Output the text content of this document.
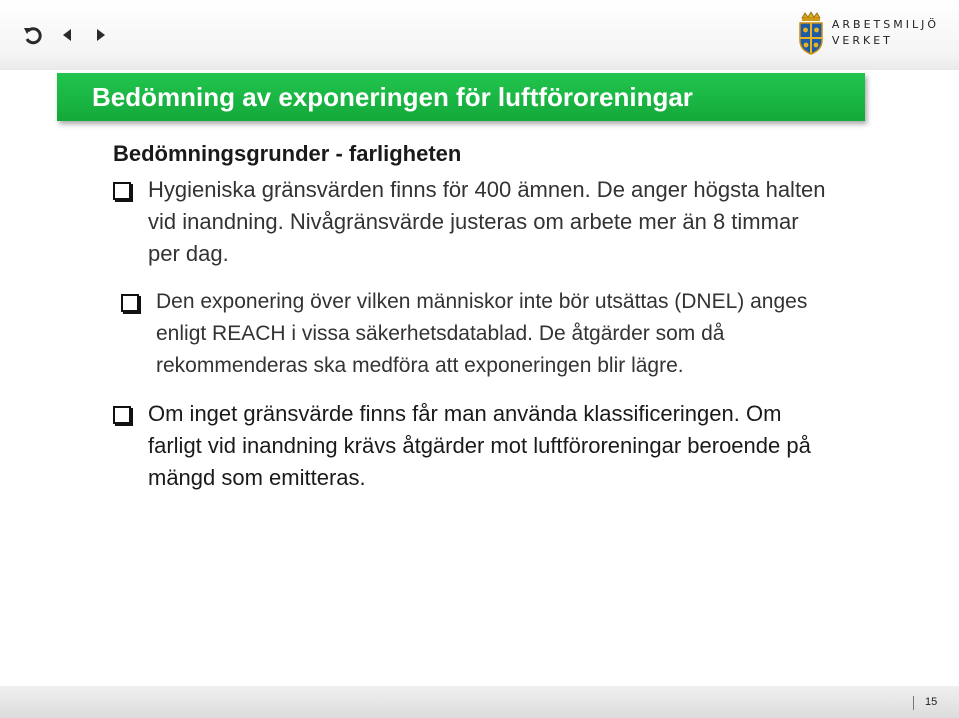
ARBETSMILJÖ
VERKET
Bedömning av exponeringen för luftföroreningar
Bedömningsgrunder - farligheten
Hygieniska gränsvärden finns för 400 ämnen. De anger högsta halten vid inandning. Nivågränsvärde justeras om arbete mer än 8 timmar per dag.
Den exponering över vilken människor inte bör utsättas (DNEL) anges enligt REACH i vissa säkerhetsdatablad. De åtgärder som då rekommenderas ska medföra att exponeringen blir lägre.
Om inget gränsvärde finns får man använda klassificeringen. Om farligt vid inandning krävs åtgärder mot luftföroreningar beroende på mängd som emitteras.
15
